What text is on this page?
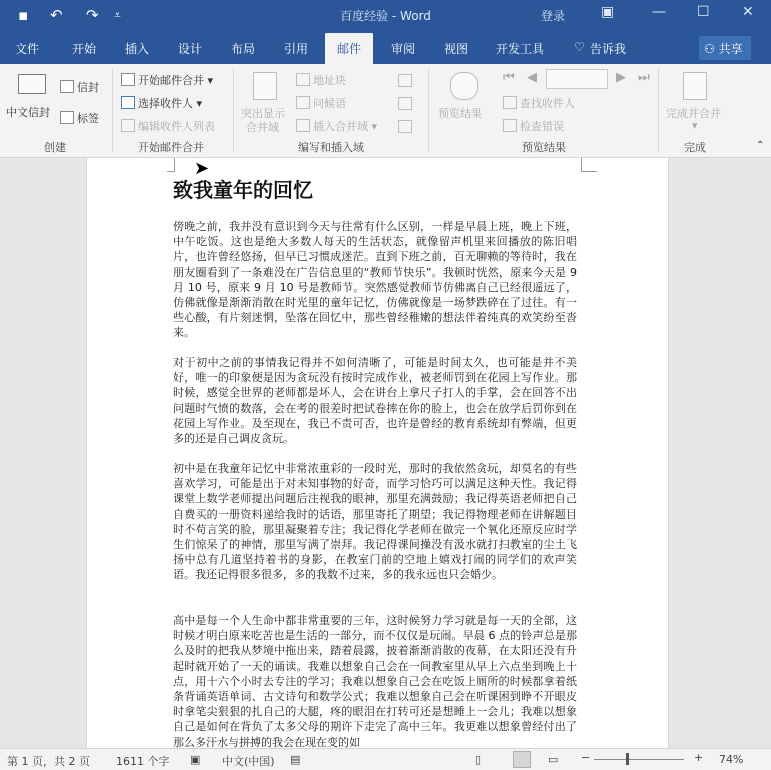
▪ ↶ ↷ ⩡	百度经验 - Word	登录	▣	— ☐ ✕
文件	开始 插入 设计 布局 引用	邮件	审阅 视图 开发工具 ♡ 告诉我	⚇ 共享
中文信封
信封
标签
创建
开始邮件合并 ▾
选择收件人 ▾
编辑收件人列表
开始邮件合并
突出显示
合并域
地址块
问候语
插入合并域 ▾
编写和插入域
预览结果
⏮ ◀	▶ ⏭
查找收件人
检查错误
预览结果
完成并合并
▾
完成	⌃
致我童年的回忆

傍晚之前，我并没有意识到今天与往常有什么区别，一样是早晨上班，晚上下班，中午吃饭。这也是绝大多数人每天的生活状态，就像留声机里来回播放的陈旧唱片，也许曾经悠扬，但早已习惯成迷茫。直到下班之前，百无聊赖的等待时，我在朋友圈看到了一条难没在广告信息里的“教师节快乐”。我顿时恍然，原来今天是 9 月 10 号，原来 9 月 10 号是教师节。突然感觉教师节仿佛离自己已经很遥远了，仿佛就像是渐渐消散在时光里的童年记忆，仿佛就像是一场梦跌碎在了过往。有一些心酸，有片刻迷惘，坠落在回忆中，那些曾经稚嫩的想法伴着纯真的欢笑纷至沓来。

对于初中之前的事情我记得并不如何清晰了，可能是时间太久，也可能是并不美好，唯一的印象便是因为贪玩没有按时完成作业，被老师罚到在花园上写作业。那时候，感觉全世界的老师都是坏人，会在讲台上拿尺子打人的手掌，会在回答不出问题时气愤的数落，会在考的很差时把试卷摔在你的脸上，也会在放学后罚你到在花园上写作业。及至现在，我已不责可否，也许是曾经的教育系统却有弊端，但更多的还是自己调皮贪玩。

初中是在我童年记忆中非常浓重彩的一段时光，那时的我依然贪玩，却莫名的有些喜欢学习，可能是出于对未知事物的好奇，而学习恰巧可以满足这种天性。我记得课堂上数学老师提出问题后注视我的眼神，那里充满鼓励；我记得英语老师把自己自费买的一册资料递给我时的话语，那里寄托了期望；我记得物理老师在讲解题目时不苟言笑的脸，那里凝聚着专注；我记得化学老师在做完一个氧化还原反应时学生们惊呆了的神情，那里写满了崇拜。我记得课间操没有汲水就打扫教室的尘土飞扬中总有几道坚持着书的身影，在教室门前的空地上嬉戏打闹的同学们的欢声笑语。我还记得很多很多，多的我数不过来，多的我永远也只会婚少。

高中是每一个人生命中都非常重要的三年，这时候努力学习就是每一天的全部，这时候才明白原来吃苦也是生活的一部分，而不仅仅是玩闹。早晨 6 点的铃声总是那么及时的把我从梦境中拖出来，踏着晨露，披着渐渐消散的夜幕，在太阳还没有升起时就开始了一天的诵读。我难以想象自己会在一间教室里从早上六点坐到晚上十点，用十六个小时去专注的学习；我难以想象自己会在吃饭上厕所的时候都拿着纸条背诵英语单词、古文诗句和数学公式；我难以想象自己会在听课困到睁不开眼皮时拿笔尖狠狠的扎自己的大腿，疼的眼泪在打转可还是想睡上一会儿；我难以想象自己是如何在背负了太多父母的期许下走完了高中三年。我更难以想象曾经付出了那么多汗水与拼搏的我会在现在变的如

➤
第 1 页，共 2 页 1611 个字 ▣ 中文(中国) ▤	▯	▭ −	+ 74%
